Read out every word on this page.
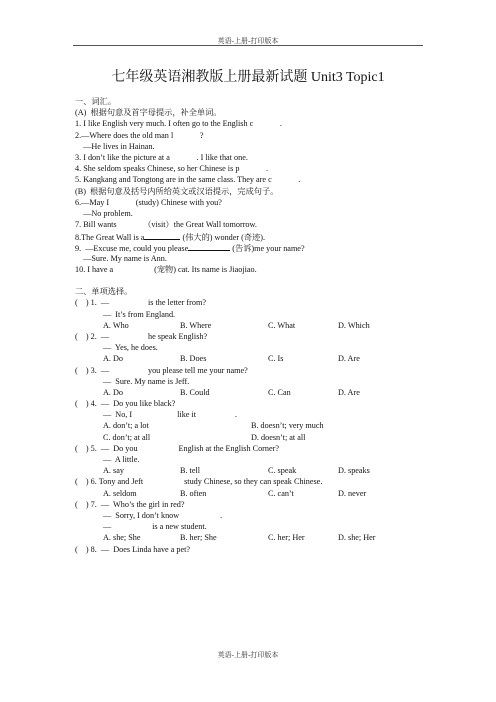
英语-上册-打印版本
七年级英语湘教版上册最新试题 Unit3 Topic1
一、词汇。
(A)  根据句意及首字母提示，补全单词。
1. I like English very much. I often go to the English c             .
2.—Where does the old man l             ?
—He lives in Hainan.
3. I don’t like the picture at a             . I like that one.
4. She seldom speaks Chinese, so her Chinese is p             .
5. Kangkang and Tongtong are in the same class. They are c             .
(B)  根据句意及括号内所给英文或汉语提示，完成句子。
6.—May I             (study) Chinese with you?
—No problem.
7. Bill wants             （visit）the Great Wall tomorrow.
8.The Great Wall is a	(伟大的) wonder (奇迹).
9.  —Excuse me, could you please	(告诉)me your name?
—Sure. My name is Ann.
10. I have a                    (宠物) cat. Its name is Jiaojiao.
二、单项选择。
(    ) 1.  —                   is the letter from?
—  It’s from England.
A. Who	B. Where	C. What	D. Which
(    ) 2.  —                   he speak English?
—  Yes, he does.
A. Do	B. Does	C. Is	D. Are
(    ) 3.  —                   you please tell me your name?
—  Sure. My name is Jeff.
A. Do	B. Could	C. Can	D. Are
(    ) 4.  —  Do you like black?
—  No, I                      like it                   .
A. don’t; a lot	B. doesn’t; very much
C. don’t; at all	D. doesn’t; at all
(    ) 5.  —  Do you                    English at the English Corner?
—  A little.
A. say	B. tell	C. speak	D. speaks
(    ) 6. Tony and Jeft                    study Chinese, so they can speak Chinese.
A. seldom	B. often	C. can’t	D. never
(    ) 7.  —  Who’s the girl in red?
—  Sorry, I don’t know                    .
—                    is a new student.
A. she; She	B. her; She	C. her; Her	D. she; Her
(    ) 8.  —  Does Linda have a pet?
英语-上册-打印版本
